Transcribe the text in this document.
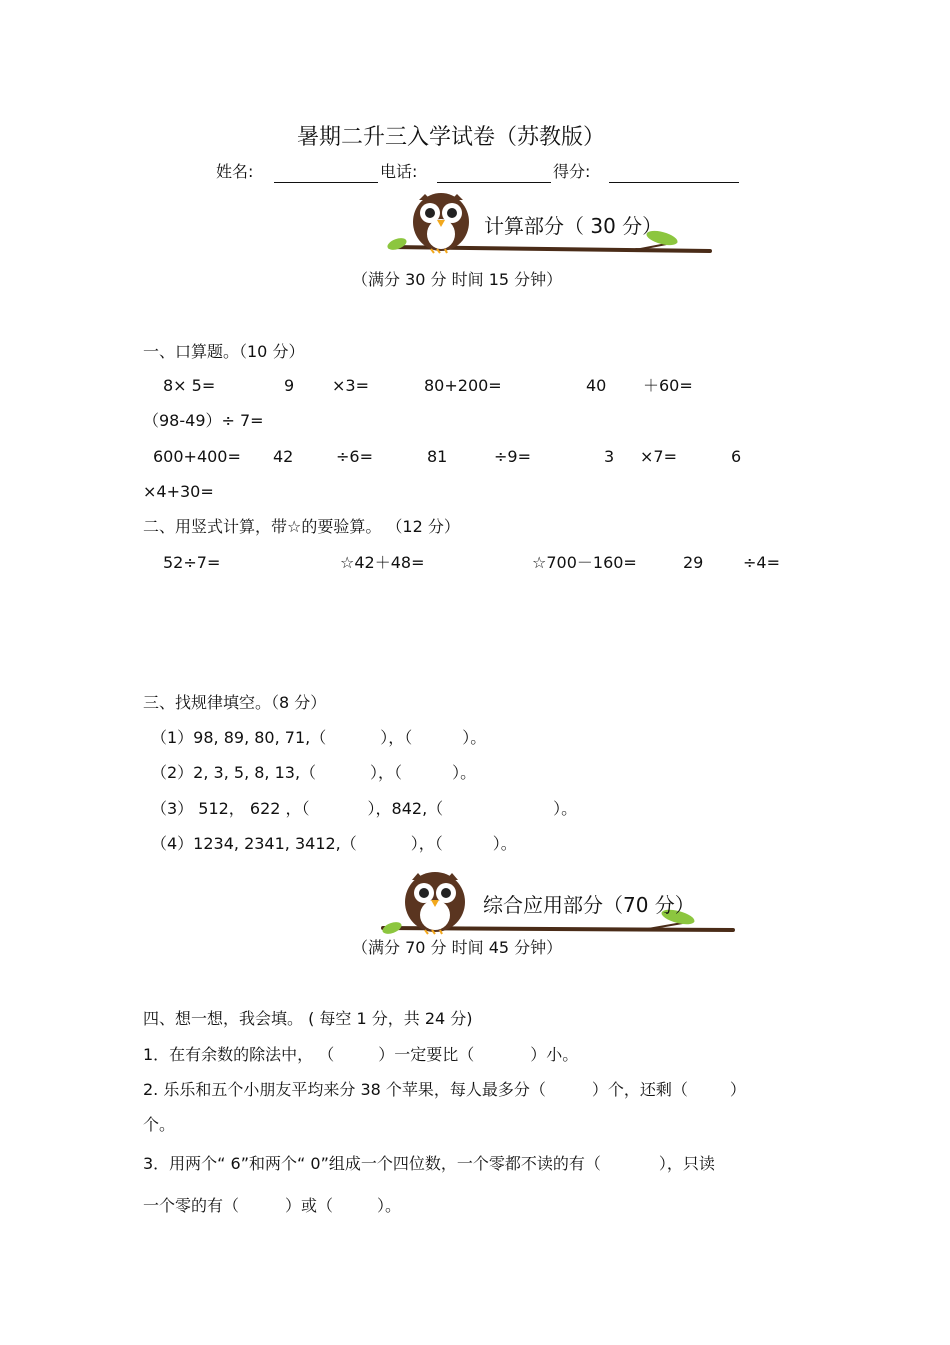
暑期二升三入学试卷（苏教版）
姓名:	电话:	得分:
计算部分（ 30 分）
（满分 30 分 时间 15 分钟）
一、口算题。（10 分）
8× 5=	9 ×3=	80+200=	40 ＋60=
（98-49）÷ 7=
600+400= 42	÷6=	81	÷9=	3 ×7=	6
×4+30=
二、用竖式计算，带☆的要验算。 （12 分）
52÷7=	☆42＋48=	☆700－160=	29 ÷4=
三、找规律填空。（8 分）
（1）98, 89, 80, 71,（	），（	）。
（2）2, 3, 5, 8, 13,（	），（	）。
（3） 512， 622 ，（	），842,（	）。
（4）1234, 2341, 3412,（	），（	）。
综合应用部分（70 分）
（满分 70 分 时间 45 分钟）
四、想一想，我会填。 ( 每空 1 分，共 24 分)
1．在有余数的除法中， （	）一定要比（	）小。
2. 乐乐和五个小朋友平均来分 38 个苹果，每人最多分（	）个，还剩（	）
个。
3．用两个“ 6”和两个“ 0”组成一个四位数，一个零都不读的有（	），只读
一个零的有（	）或（	）。
